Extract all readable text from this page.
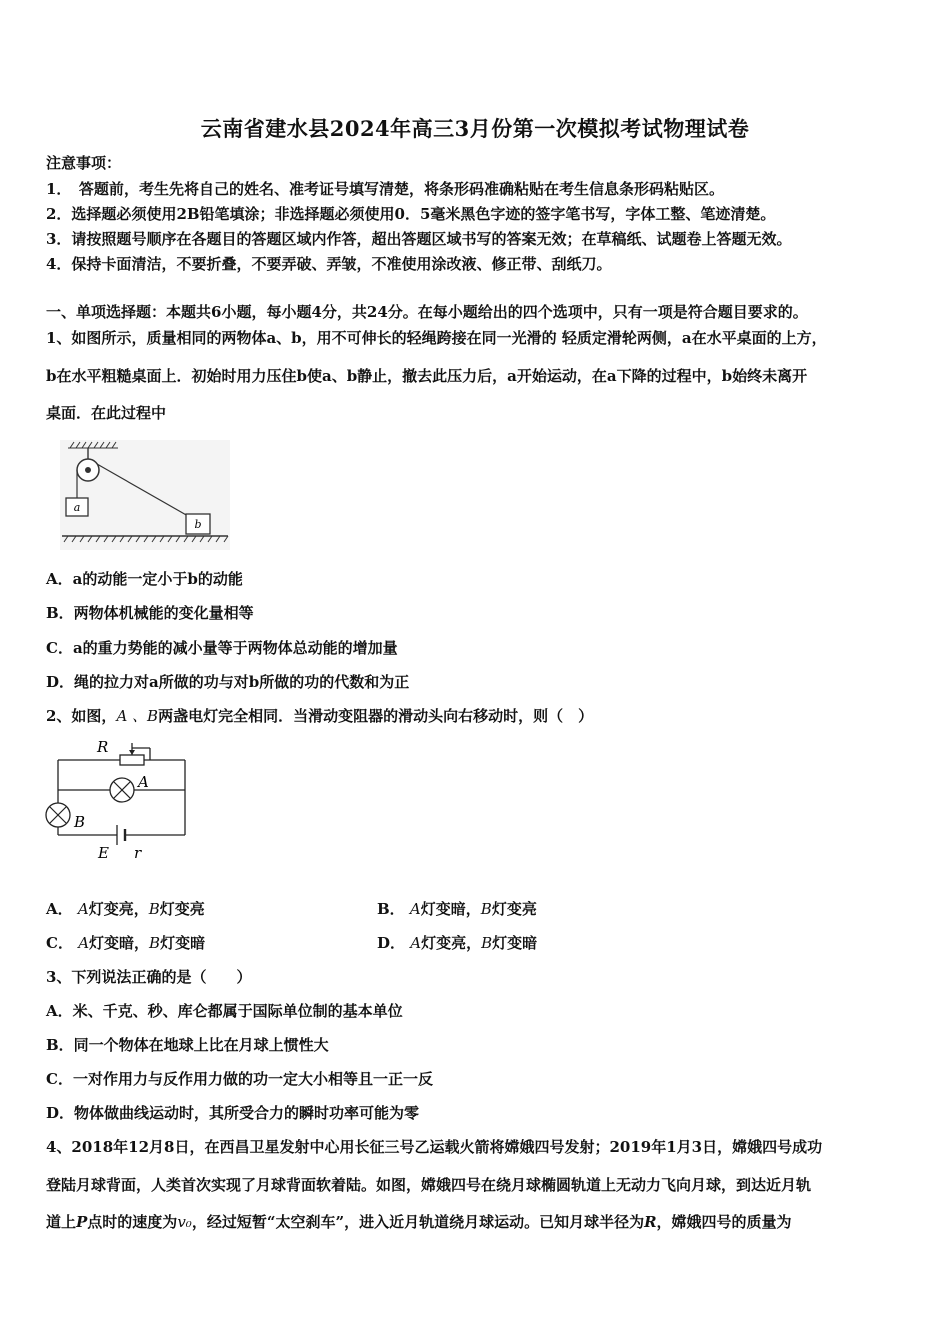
云南省建水县2024年高三3月份第一次模拟考试物理试卷
注意事项：
1．　答题前，考生先将自己的姓名、准考证号填写清楚，将条形码准确粘贴在考生信息条形码粘贴区。
2．选择题必须使用2B铅笔填涂；非选择题必须使用0．5毫米黑色字迹的签字笔书写，字体工整、笔迹清楚。
3．请按照题号顺序在各题目的答题区域内作答，超出答题区域书写的答案无效；在草稿纸、试题卷上答题无效。
4．保持卡面清洁，不要折叠，不要弄破、弄皱，不准使用涂改液、修正带、刮纸刀。
一、单项选择题：本题共6小题，每小题4分，共24分。在每小题给出的四个选项中，只有一项是符合题目要求的。
1、如图所示，质量相同的两物体a、b，用不可伸长的轻绳跨接在同一光滑的 轻质定滑轮两侧，a在水平桌面的上方，
b在水平粗糙桌面上．初始时用力压住b使a、b静止，撤去此压力后，a开始运动，在a下降的过程中，b始终未离开
桌面．在此过程中
a
b
A．a的动能一定小于b的动能
B．两物体机械能的变化量相等
C．a的重力势能的减小量等于两物体总动能的增加量
D．绳的拉力对a所做的功与对b所做的功的代数和为正
2、如图，A 、B两盏电灯完全相同．当滑动变阻器的滑动头向右移动时，则（　）
R
A
B
E r
A． A灯变亮，B灯变亮	B． A灯变暗，B灯变亮
C． A灯变暗，B灯变暗	D． A灯变亮，B灯变暗
3、下列说法正确的是（　　）
A．米、千克、秒、库仑都属于国际单位制的基本单位
B．同一个物体在地球上比在月球上惯性大
C．一对作用力与反作用力做的功一定大小相等且一正一反
D．物体做曲线运动时，其所受合力的瞬时功率可能为零
4、2018年12月8日，在西昌卫星发射中心用长征三号乙运载火箭将嫦娥四号发射；2019年1月3日，嫦娥四号成功
登陆月球背面，人类首次实现了月球背面软着陆。如图，嫦娥四号在绕月球椭圆轨道上无动力飞向月球，到达近月轨
道上P点时的速度为v₀，经过短暂“太空刹车”，进入近月轨道绕月球运动。已知月球半径为R，嫦娥四号的质量为
